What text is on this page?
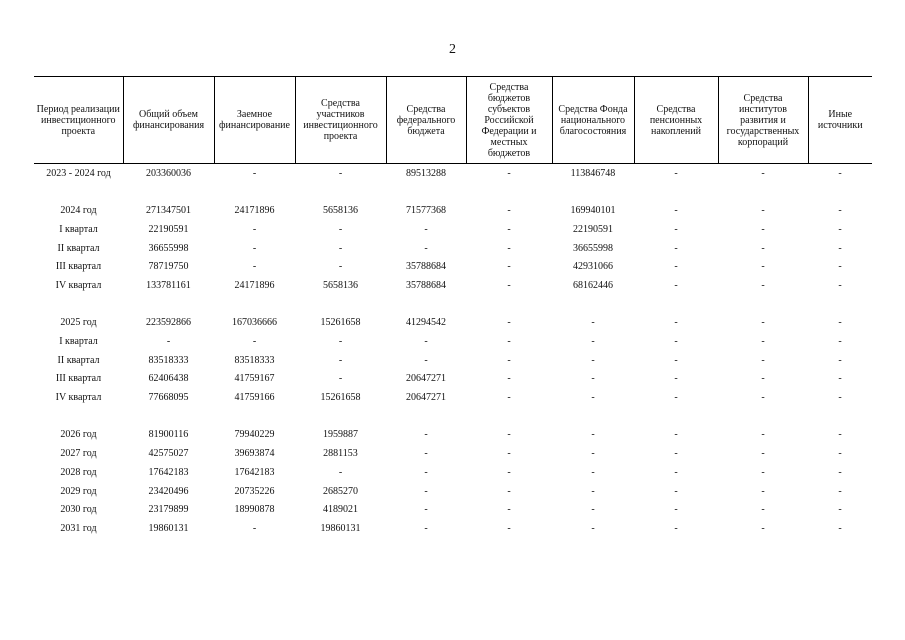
2
Период реализации инвестиционного проекта	Общий объем финансирования	Заемное финансирование	Средства участников инвестиционного проекта	Средства федерального бюджета	Средства бюджетов субъектов Российской Федерации и местных бюджетов	Средства Фонда национального благосостояния	Средства пенсионных накоплений	Средства институтов развития и государственных корпораций	Иные источники
2023 - 2024 год	203360036	-	-	89513288	-	113846748	-	-	-

2024 год	271347501	24171896	5658136	71577368	-	169940101	-	-	-
I квартал	22190591	-	-	-	-	22190591	-	-	-
II квартал	36655998	-	-	-	-	36655998	-	-	-
III квартал	78719750	-	-	35788684	-	42931066	-	-	-
IV квартал	133781161	24171896	5658136	35788684	-	68162446	-	-	-

2025 год	223592866	167036666	15261658	41294542	-	-	-	-	-
I квартал	-	-	-	-	-	-	-	-	-
II квартал	83518333	83518333	-	-	-	-	-	-	-
III квартал	62406438	41759167	-	20647271	-	-	-	-	-
IV квартал	77668095	41759166	15261658	20647271	-	-	-	-	-

2026 год	81900116	79940229	1959887	-	-	-	-	-	-
2027 год	42575027	39693874	2881153	-	-	-	-	-	-
2028 год	17642183	17642183	-	-	-	-	-	-	-
2029 год	23420496	20735226	2685270	-	-	-	-	-	-
2030 год	23179899	18990878	4189021	-	-	-	-	-	-
2031 год	19860131	-	19860131	-	-	-	-	-	-
